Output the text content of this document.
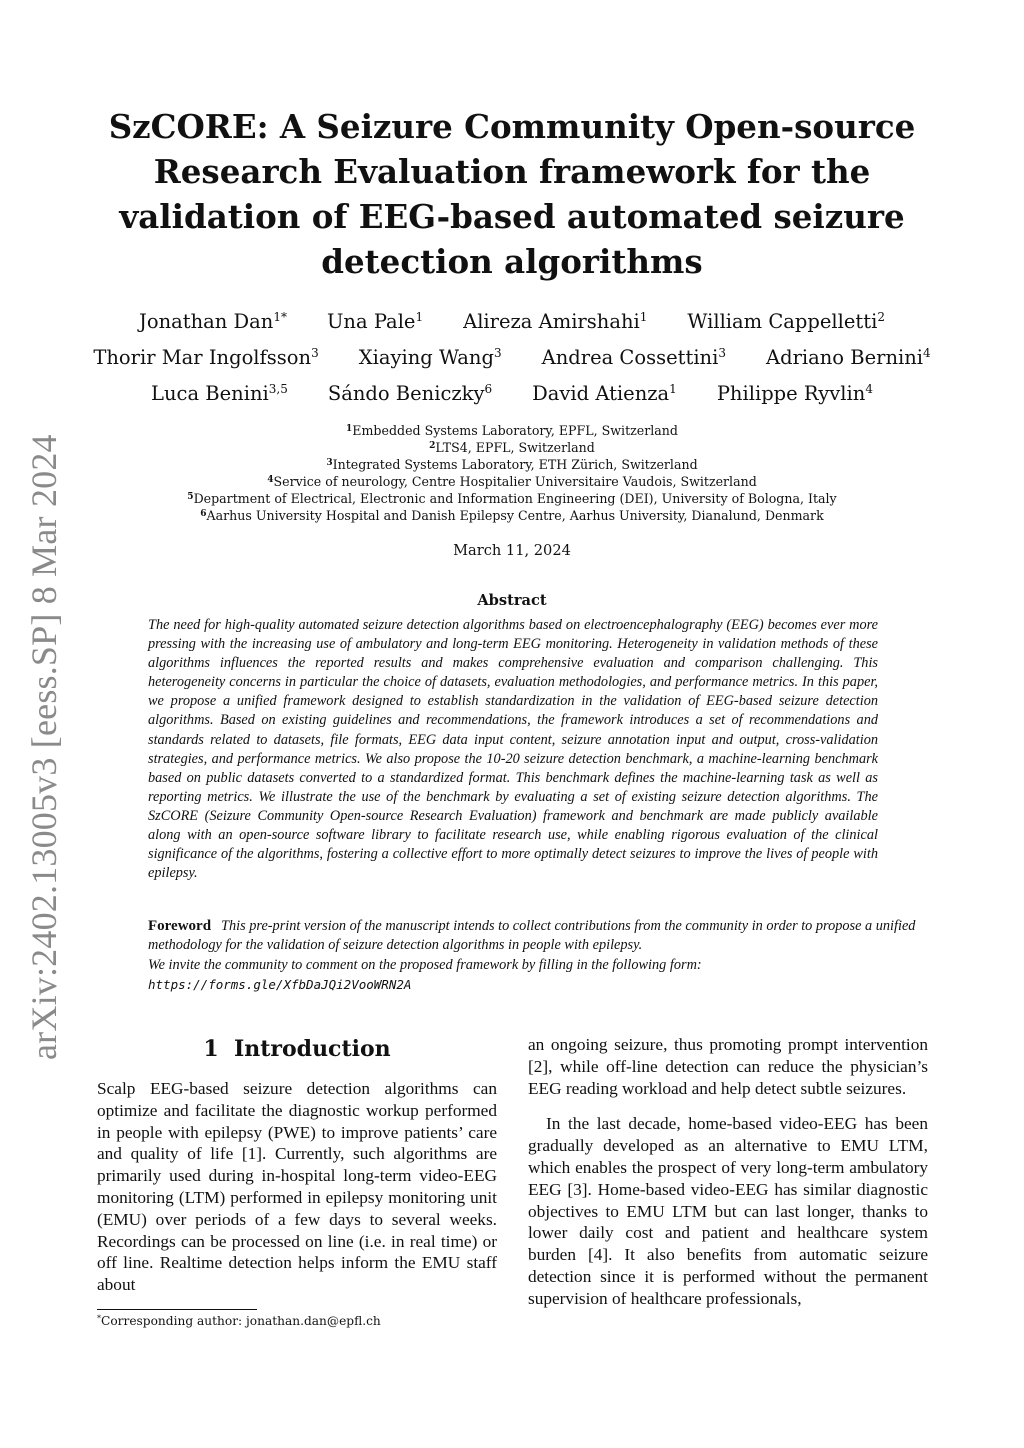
arXiv:2402.13005v3 [eess.SP] 8 Mar 2024
SzCORE: A Seizure Community Open-source Research Evaluation framework for the validation of EEG-based automated seizure detection algorithms
Jonathan Dan$^{1*}$ Una Pale$^1$ Alireza Amirshahi$^1$ William Cappelletti$^2$
Thorir Mar Ingolfsson$^3$ Xiaying Wang$^3$ Andrea Cossettini$^3$ Adriano Bernini$^4$
Luca Benini$^{3,5}$ Sándo Beniczky$^6$ David Atienza$^1$ Philippe Ryvlin$^4$
$^1$Embedded Systems Laboratory, EPFL, Switzerland
$^2$LTS4, EPFL, Switzerland
$^3$Integrated Systems Laboratory, ETH Zürich, Switzerland
$^4$Service of neurology, Centre Hospitalier Universitaire Vaudois, Switzerland
$^5$Department of Electrical, Electronic and Information Engineering (DEI), University of Bologna, Italy
$^6$Aarhus University Hospital and Danish Epilepsy Centre, Aarhus University, Dianalund, Denmark
March 11, 2024
Abstract
The need for high-quality automated seizure detection algorithms based on electroencephalography (EEG) becomes ever more pressing with the increasing use of ambulatory and long-term EEG monitoring. Heterogeneity in validation methods of these algorithms influences the reported results and makes comprehensive evaluation and comparison challenging. This heterogeneity concerns in particular the choice of datasets, evaluation methodologies, and performance metrics. In this paper, we propose a unified framework designed to establish standardization in the validation of EEG-based seizure detection algorithms. Based on existing guidelines and recommendations, the framework introduces a set of recommendations and standards related to datasets, file formats, EEG data input content, seizure annotation input and output, cross-validation strategies, and performance metrics. We also propose the 10-20 seizure detection benchmark, a machine-learning benchmark based on public datasets converted to a standardized format. This benchmark defines the machine-learning task as well as reporting metrics. We illustrate the use of the benchmark by evaluating a set of existing seizure detection algorithms. The SzCORE (Seizure Community Open-source Research Evaluation) framework and benchmark are made publicly available along with an open-source software library to facilitate research use, while enabling rigorous evaluation of the clinical significance of the algorithms, fostering a collective effort to more optimally detect seizures to improve the lives of people with epilepsy.
Foreword This pre-print version of the manuscript intends to collect contributions from the community in order to propose a unified methodology for the validation of seizure detection algorithms in people with epilepsy.
We invite the community to comment on the proposed framework by filling in the following form: https://forms.gle/XfbDaJQi2VooWRN2A
1 Introduction

Scalp EEG-based seizure detection algorithms can optimize and facilitate the diagnostic workup performed in people with epilepsy (PWE) to improve patients’ care and quality of life [1]. Currently, such algorithms are primarily used during in-hospital long-term video-EEG monitoring (LTM) performed in epilepsy monitoring unit (EMU) over periods of a few days to several weeks. Recordings can be processed on line (i.e. in real time) or off line. Realtime detection helps inform the EMU staff about

an ongoing seizure, thus promoting prompt intervention [2], while off-line detection can reduce the physician’s EEG reading workload and help detect subtle seizures.

In the last decade, home-based video-EEG has been gradually developed as an alternative to EMU LTM, which enables the prospect of very long-term ambulatory EEG [3]. Home-based video-EEG has similar diagnostic objectives to EMU LTM but can last longer, thanks to lower daily cost and patient and healthcare system burden [4]. It also benefits from automatic seizure detection since it is performed without the permanent supervision of healthcare professionals,

*Corresponding author: jonathan.dan@epfl.ch
